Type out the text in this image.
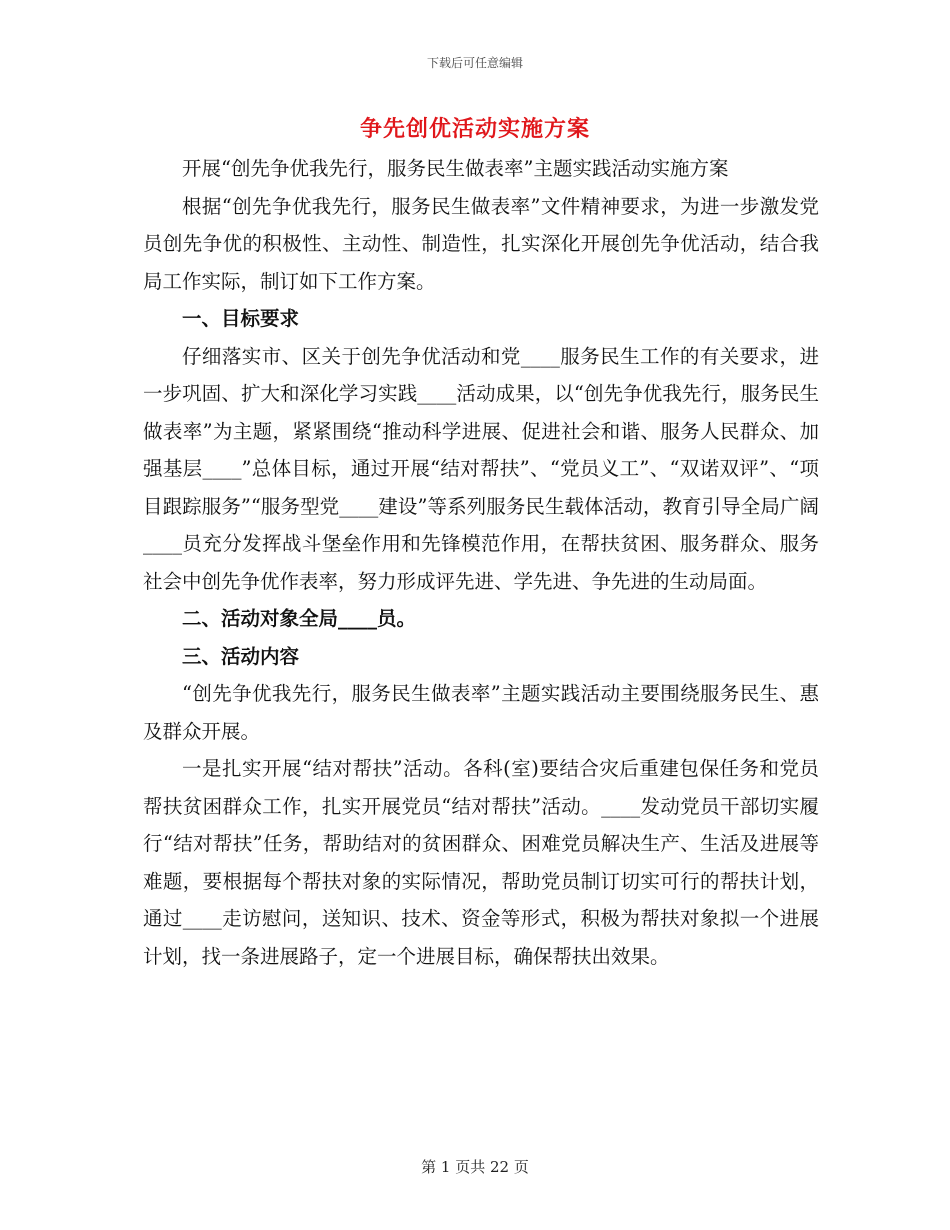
下载后可任意编辑
争先创优活动实施方案

开展“创先争优我先行，服务民生做表率”主题实践活动实施方案

根据“创先争优我先行，服务民生做表率”文件精神要求，为进一步激发党员创先争优的积极性、主动性、制造性，扎实深化开展创先争优活动，结合我局工作实际，制订如下工作方案。

一、目标要求

仔细落实市、区关于创先争优活动和党____服务民生工作的有关要求，进一步巩固、扩大和深化学习实践____活动成果，以“创先争优我先行，服务民生做表率”为主题，紧紧围绕“推动科学进展、促进社会和谐、服务人民群众、加强基层____”总体目标，通过开展“结对帮扶”、“党员义工”、“双诺双评”、“项目跟踪服务”“服务型党____建设”等系列服务民生载体活动，教育引导全局广阔____员充分发挥战斗堡垒作用和先锋模范作用，在帮扶贫困、服务群众、服务社会中创先争优作表率，努力形成评先进、学先进、争先进的生动局面。

二、活动对象全局____员。

三、活动内容

“创先争优我先行，服务民生做表率”主题实践活动主要围绕服务民生、惠及群众开展。

一是扎实开展“结对帮扶”活动。各科(室)要结合灾后重建包保任务和党员帮扶贫困群众工作，扎实开展党员“结对帮扶”活动。____发动党员干部切实履行“结对帮扶”任务，帮助结对的贫困群众、困难党员解决生产、生活及进展等难题，要根据每个帮扶对象的实际情况，帮助党员制订切实可行的帮扶计划，通过____走访慰问，送知识、技术、资金等形式，积极为帮扶对象拟一个进展计划，找一条进展路子，定一个进展目标，确保帮扶出效果。

第 1 页共 22 页
